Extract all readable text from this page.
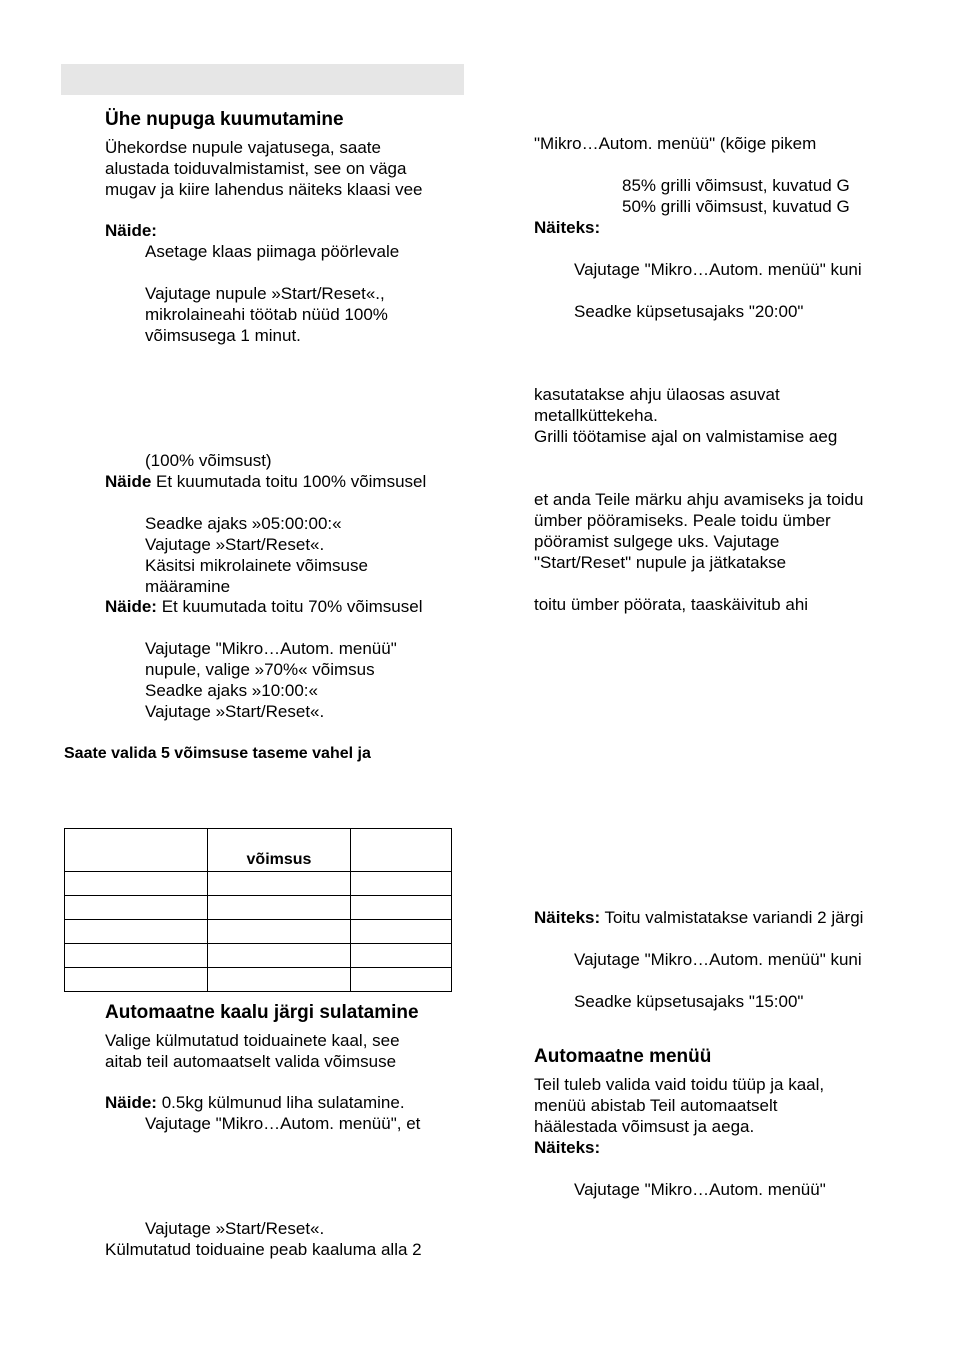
Ühe nupuga kuumutamine
Ühekordse nupule vajatusega, saate
alustada toiduvalmistamist, see on väga
mugav ja kiire lahendus näiteks klaasi vee
Näide:
Asetage klaas piimaga pöörlevale
Vajutage nupule »Start/Reset«.,
mikrolaineahi töötab nüüd 100%
võimsusega 1 minut.
(100% võimsust)
Näide Et kuumutada toitu 100% võimsusel
Seadke ajaks »05:00:00:«
Vajutage »Start/Reset«.
Käsitsi mikrolainete võimsuse
määramine
Näide: Et kuumutada toitu 70% võimsusel
Vajutage "Mikro…Autom. menüü"
nupule, valige »70%« võimsus
Seadke ajaks »10:00:«
Vajutage »Start/Reset«.
Saate valida 5 võimsuse taseme vahel ja
	võimsus	

Automaatne kaalu järgi sulatamine
Valige külmutatud toiduainete kaal, see
aitab teil automaatselt valida võimsuse
Näide: 0.5kg külmunud liha sulatamine.
Vajutage "Mikro…Autom. menüü", et
Vajutage »Start/Reset«.
Külmutatud toiduaine peab kaaluma alla 2
"Mikro…Autom. menüü" (kõige pikem
85% grilli võimsust, kuvatud G
50% grilli võimsust, kuvatud G
Näiteks:
Vajutage "Mikro…Autom. menüü" kuni
Seadke küpsetusajaks "20:00"
kasutatakse ahju ülaosas asuvat
metallküttekeha.
Grilli töötamise ajal on valmistamise aeg
et anda Teile märku ahju avamiseks ja toidu
ümber pööramiseks. Peale toidu ümber
pööramist sulgege uks. Vajutage
"Start/Reset" nupule ja jätkatakse
toitu ümber pöörata, taaskäivitub ahi
Näiteks: Toitu valmistatakse variandi 2 järgi
Vajutage "Mikro…Autom. menüü" kuni
Seadke küpsetusajaks "15:00"
Automaatne menüü
Teil tuleb valida vaid toidu tüüp ja kaal,
menüü abistab Teil automaatselt
häälestada võimsust ja aega.
Näiteks:
Vajutage "Mikro…Autom. menüü"
